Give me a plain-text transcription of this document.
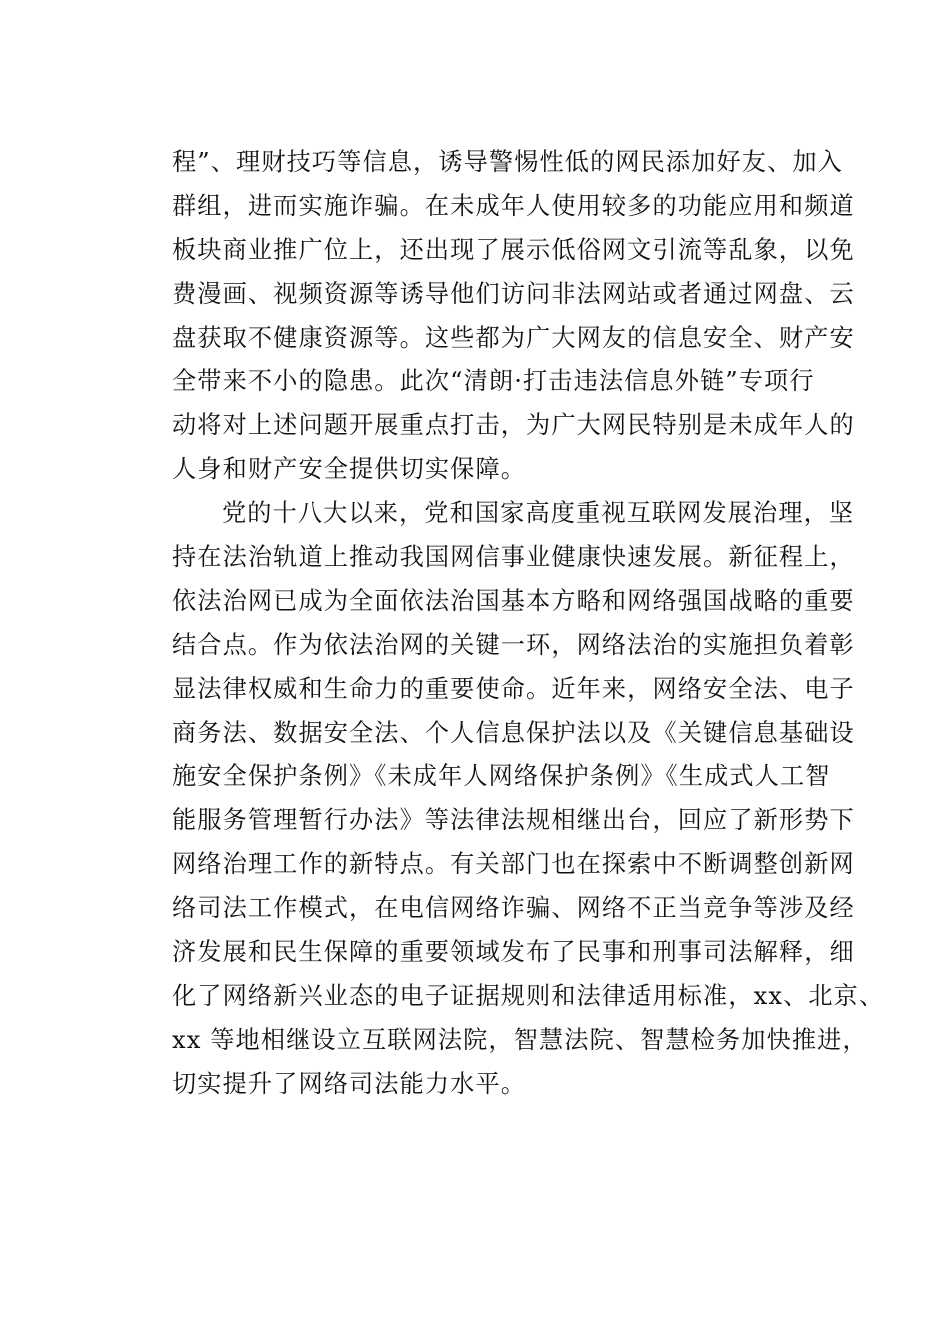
程”、理财技巧等信息，诱导警惕性低的网民添加好友、加入
群组，进而实施诈骗。在未成年人使用较多的功能应用和频道
板块商业推广位上，还出现了展示低俗网文引流等乱象，以免
费漫画、视频资源等诱导他们访问非法网站或者通过网盘、云
盘获取不健康资源等。这些都为广大网友的信息安全、财产安
全带来不小的隐患。此次“清朗·打击违法信息外链”专项行
动将对上述问题开展重点打击，为广大网民特别是未成年人的
人身和财产安全提供切实保障。
党的十八大以来，党和国家高度重视互联网发展治理，坚
持在法治轨道上推动我国网信事业健康快速发展。新征程上，
依法治网已成为全面依法治国基本方略和网络强国战略的重要
结合点。作为依法治网的关键一环，网络法治的实施担负着彰
显法律权威和生命力的重要使命。近年来，网络安全法、电子
商务法、数据安全法、个人信息保护法以及《关键信息基础设
施安全保护条例》《未成年人网络保护条例》《生成式人工智
能服务管理暂行办法》等法律法规相继出台，回应了新形势下
网络治理工作的新特点。有关部门也在探索中不断调整创新网
络司法工作模式，在电信网络诈骗、网络不正当竞争等涉及经
济发展和民生保障的重要领域发布了民事和刑事司法解释，细
化了网络新兴业态的电子证据规则和法律适用标准，xx、北京、
xx 等地相继设立互联网法院，智慧法院、智慧检务加快推进，
切实提升了网络司法能力水平。
